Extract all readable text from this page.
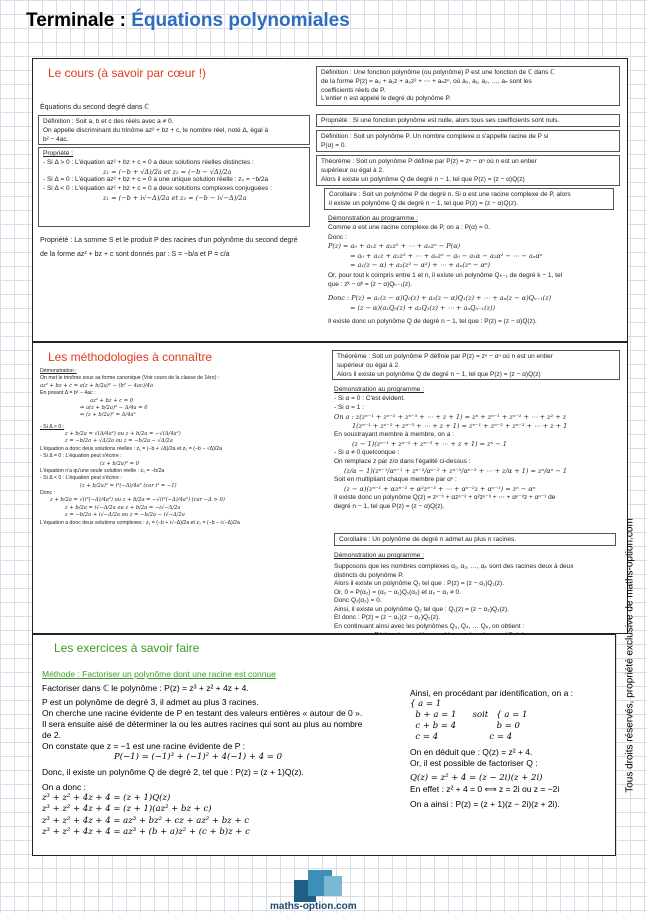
Terminale : Équations polynomiales
Le cours (à savoir par cœur !)
Équations du second degré dans ℂ
Définition : Soit a, b et c des réels avec a ≠ 0.
On appelle discriminant du trinôme az² + bz + c, le nombre réel, noté Δ, égal à
b² − 4ac.
Propriété :
- Si Δ > 0 : L'équation az² + bz + c = 0 a deux solutions réelles distinctes :
z₁ = (−b + √Δ)/2a et z₂ = (−b − √Δ)/2a
- Si Δ = 0 : L'équation az² + bz + c = 0 a une unique solution réelle : z₀ = −b/2a
- Si Δ < 0 : L'équation az² + bz + c = 0 a deux solutions complexes conjuguées :
z₁ = (−b + i√−Δ)/2a et z₂ = (−b − i√−Δ)/2a
Propriété : La somme S et le produit P des racines d'un polynôme du second degré
de la forme az² + bz + c sont donnés par : S = −b/a et P = c/a
Définition : Une fonction polynôme (ou polynôme) P est une fonction de ℂ dans ℂ
de la forme P(z) = a₀ + a₁z + a₂z² + ⋯ + aₙzⁿ, où a₀, a₁, a₂, …, aₙ sont les
coefficients réels de P.
L'entier n est appelé le degré du polynôme P.
Propriété : Si une fonction polynôme est nulle, alors tous ses coefficients sont nuls.
Définition : Soit un polynôme P. Un nombre complexe α s'appelle racine de P si
P(α) = 0.
Théorème : Soit un polynôme P définie par P(z) = zⁿ − αⁿ où n est un entier
supérieur ou égal à 2.
Alors il existe un polynôme Q de degré n − 1, tel que P(z) = (z − α)Q(z)
Corollaire : Soit un polynôme P de degré n. Si α est une racine complexe de P, alors
il existe un polynôme Q de degré n − 1, tel que P(z) = (z − α)Q(z).
Démonstration au programme :
Comme α est une racine complexe de P, on a : P(α) = 0.
Donc :
P(z) = a₀ + a₁z + a₂z² + ⋯ + aₙzⁿ − P(α)
= a₀ + a₁z + a₂z² + ⋯ + aₙzⁿ − a₀ − a₁α − a₂α² − ⋯ − aₙαⁿ
= a₁(z − α) + a₂(z² − α²) + ⋯ + aₙ(zⁿ − αⁿ)
Or, pour tout k compris entre 1 et n, il existe un polynôme Qₖ₋₁ de degré k − 1, tel
que : zᵏ − αᵏ = (z − α)Qₖ₋₁(z).
Donc : P(z) = a₁(z − α)Q₀(z) + a₂(z − α)Q₁(z) + ⋯ + aₙ(z − α)Qₙ₋₁(z)
= (z − α)(a₁Q₀(z) + a₂Q₁(z) + ⋯ + aₙQₙ₋₁(z))
Il existe donc un polynôme Q de degré n − 1, tel que : P(z) = (z − α)Q(z).
Les méthodologies à connaître
Démonstration :
On met le trinôme sous sa forme canonique (Voir cours de la classe de 1ère) :
az² + bz + c = a(z + b/2a)² − (b² − 4ac)/4a
En posant Δ = b² − 4ac :
az² + bz + c = 0
⇔ a(z + b/2a)² − Δ/4a = 0
⇔ (z + b/2a)² = Δ/4a²
- Si Δ > 0 :
z + b/2a = √(Δ/4a²) ou z + b/2a = −√(Δ/4a²)
z = −b/2a + √Δ/2a ou z = −b/2a − √Δ/2a
L'équation a donc deux solutions réelles : z₁ = (−b + √Δ)/2a et z₂ = (−b − √Δ)/2a
- Si Δ = 0 : L'équation peut s'écrire :
(z + b/2a)² = 0
L'équation n'a qu'une seule solution réelle : z₀ = −b/2a
- Si Δ < 0 : L'équation peut s'écrire :
(z + b/2a)² = i²(−Δ)/4a² (car i² = −1)
Donc :
z + b/2a = √(i²(−Δ)/4a²) ou z + b/2a = −√(i²(−Δ)/4a²) (car −Δ > 0)
z + b/2a = i√−Δ/2a ou z + b/2a = −i√−Δ/2a
z = −b/2a + i√−Δ/2a ou z = −b/2a − i√−Δ/2a
L'équation a donc deux solutions complexes : z₁ = (−b + i√−Δ)/2a et z₂ = (−b − i√−Δ)/2a
Théorème : Soit un polynôme P définie par P(z) = zⁿ − αⁿ où n est un entier
supérieur ou égal à 2.
Alors il existe un polynôme Q de degré n − 1, tel que P(z) = (z − α)Q(z)
Démonstration au programme :
- Si α = 0 : C'est évident.
- Si α = 1 :
On a : z(zⁿ⁻¹ + zⁿ⁻² + zⁿ⁻³ + ⋯ + z + 1) = zⁿ + zⁿ⁻¹ + zⁿ⁻² + ⋯ + z² + z
1(zⁿ⁻¹ + zⁿ⁻² + zⁿ⁻³ + ⋯ + z + 1) = zⁿ⁻¹ + zⁿ⁻² + zⁿ⁻³ + ⋯ + z + 1
En soustrayant membre à membre, on a :
(z − 1)(zⁿ⁻¹ + zⁿ⁻² + zⁿ⁻³ + ⋯ + z + 1) = zⁿ − 1
- Si α ≠ 0 quelconque :
On remplace z par z/α dans l'égalité ci-dessus :
(z/α − 1)(zⁿ⁻¹/αⁿ⁻¹ + zⁿ⁻²/αⁿ⁻² + zⁿ⁻³/αⁿ⁻³ + ⋯ + z/α + 1) = zⁿ/αⁿ − 1
Soit en multipliant chaque membre par αⁿ :
(z − α)(zⁿ⁻¹ + αzⁿ⁻² + α²zⁿ⁻³ + ⋯ + αⁿ⁻²z + αⁿ⁻¹) = zⁿ − αⁿ
Il existe donc un polynôme Q(z) = zⁿ⁻¹ + αzⁿ⁻² + α²zⁿ⁻³ + ⋯ + αⁿ⁻²z + αⁿ⁻¹ de
degré n − 1, tel que P(z) = (z − α)Q(z).
Corollaire : Un polynôme de degré n admet au plus n racines.
Démonstration au programme :
Supposons que les nombres complexes α₁, α₂, …, αₚ sont des racines deux à deux
distincts du polynôme P.
Alors il existe un polynôme Q₁ tel que : P(z) = (z − α₁)Q₁(z).
Or, 0 = P(α₂) = (α₂ − α₁)Q₁(α₂) et α₂ − α₁ ≠ 0.
Donc Q₁(α₂) = 0.
Ainsi, il existe un polynôme Q₂ tel que : Q₁(z) = (z − α₂)Q₂(z).
Et donc : P(z) = (z − α₁)(z − α₂)Q₂(z).
En continuant ainsi avec les polynômes Q₃, Q₄, … Qₚ, on obtient :
Les exercices à savoir faire
Méthode : Factoriser un polynôme dont une racine est connue
Factoriser dans ℂ le polynôme : P(z) = z³ + z² + 4z + 4.
P est un polynôme de degré 3, il admet au plus 3 racines.
On cherche une racine évidente de P en testant des valeurs entières « autour de 0 ».
Il sera ensuite aisé de déterminer la ou les autres racines qui sont au plus au nombre
de 2.
On constate que z = −1 est une racine évidente de P :
P(−1) = (−1)³ + (−1)² + 4(−1) + 4 = 0
Donc, il existe un polynôme Q de degré 2, tel que : P(z) = (z + 1)Q(z).
On a donc :
z³ + z² + 4z + 4 = (z + 1)Q(z)
z³ + z² + 4z + 4 = (z + 1)(az² + bz + c)
z³ + z² + 4z + 4 = az³ + bz² + cz + az² + bz + c
z³ + z² + 4z + 4 = az³ + (b + a)z² + (c + b)z + c
Ainsi, en procédant par identification, on a :
{ a = 1
b + a = 1      soit   { a = 1
c + b = 4               b = 0
c = 4                   c = 4
On en déduit que : Q(z) = z² + 4.
Or, il est possible de factoriser Q :
Q(z) = z² + 4 = (z − 2i)(z + 2i)
En effet : z² + 4 = 0 ⟺ z = 2i ou z = −2i
On a ainsi : P(z) = (z + 1)(z − 2i)(z + 2i).
Tous droits réservés, propriété exclusive de maths-option.com
maths-option.com
